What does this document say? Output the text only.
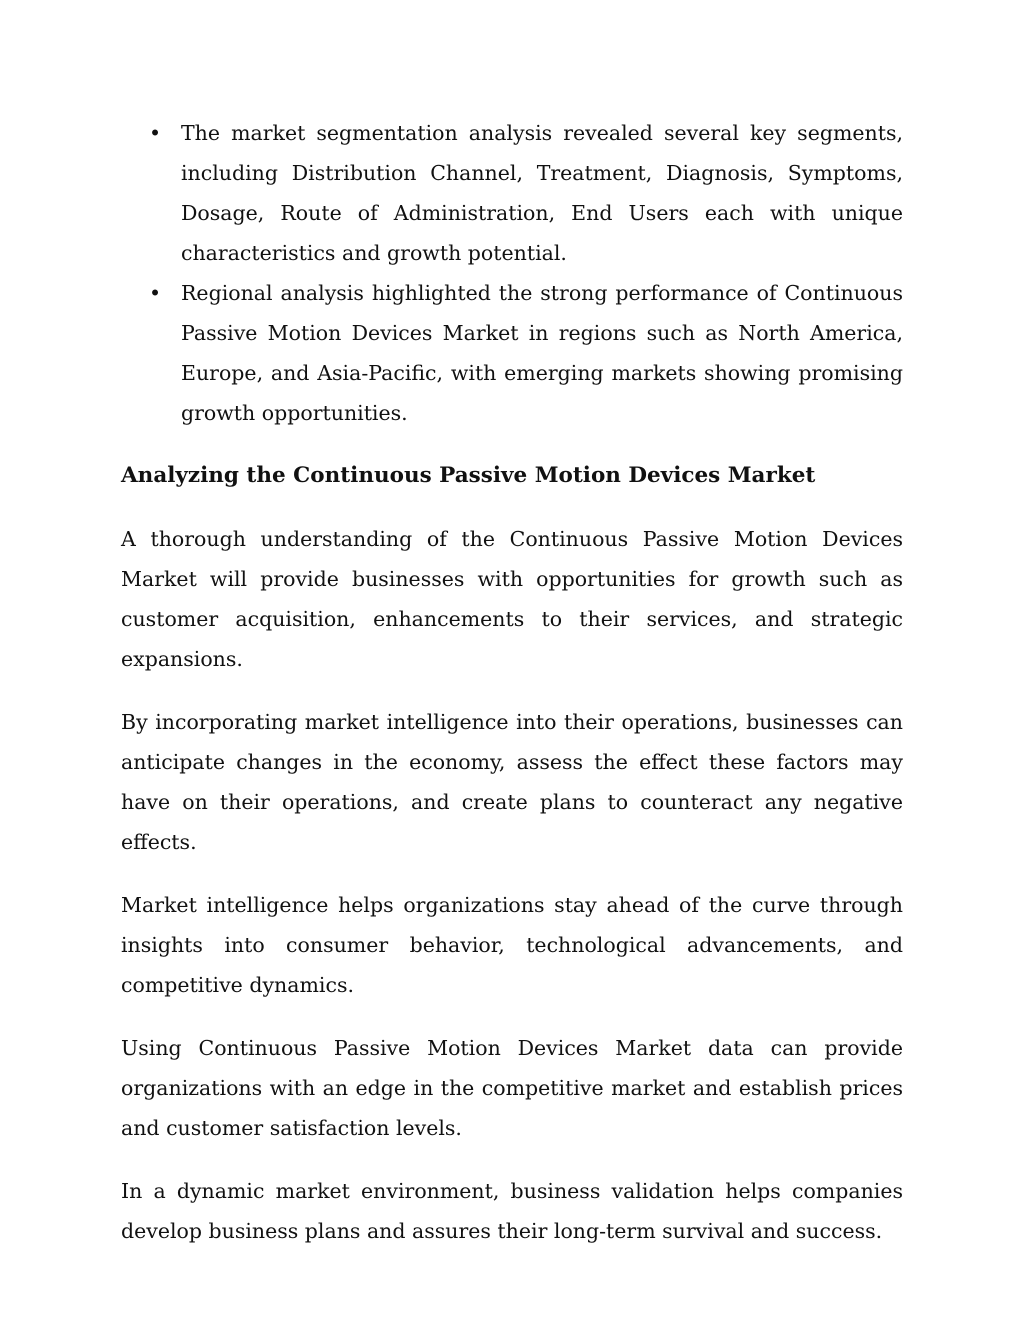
• The market segmentation analysis revealed several key segments, including Distribution Channel, Treatment, Diagnosis, Symptoms, Dosage, Route of Administration, End Users each with unique characteristics and growth potential.
• Regional analysis highlighted the strong performance of Continuous Passive Motion Devices Market in regions such as North America, Europe, and Asia-Pacific, with emerging markets showing promising growth opportunities.
Analyzing the Continuous Passive Motion Devices Market

A thorough understanding of the Continuous Passive Motion Devices Market will provide businesses with opportunities for growth such as customer acquisition, enhancements to their services, and strategic expansions.

By incorporating market intelligence into their operations, businesses can anticipate changes in the economy, assess the effect these factors may have on their operations, and create plans to counteract any negative effects.

Market intelligence helps organizations stay ahead of the curve through insights into consumer behavior, technological advancements, and competitive dynamics.

Using Continuous Passive Motion Devices Market data can provide organizations with an edge in the competitive market and establish prices and customer satisfaction levels.

In a dynamic market environment, business validation helps companies develop business plans and assures their long-term survival and success.
